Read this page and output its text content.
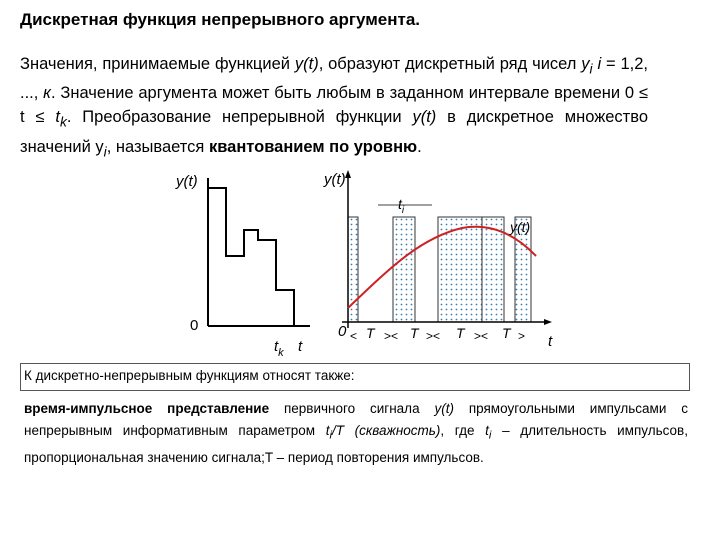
Дискретная функция непрерывного аргумента.
Значения, принимаемые функцией y(t), образуют дискретный ряд чисел $y_i$ i = 1,2, ..., к. Значение аргумента может быть любым в заданном интервале времени $0 \le t \le t_k$. Преобразование непрерывной функции y(t) в дискретное множество значений $y_i$, называется квантованием по уровню.
y(t)
0
$t_k$ t
y(t)
0
$t_i$
y(t)
t
< T >< T >< T >< T >
К дискретно-непрерывным функциям относят также:
время-импульсное представление первичного сигнала y(t) прямоугольными импульсами с непрерывным информативным параметром $t_i/T$ (скважность), где $t_i$ – длительность импульсов, пропорциональная значению сигнала;T – период повторения импульсов.
